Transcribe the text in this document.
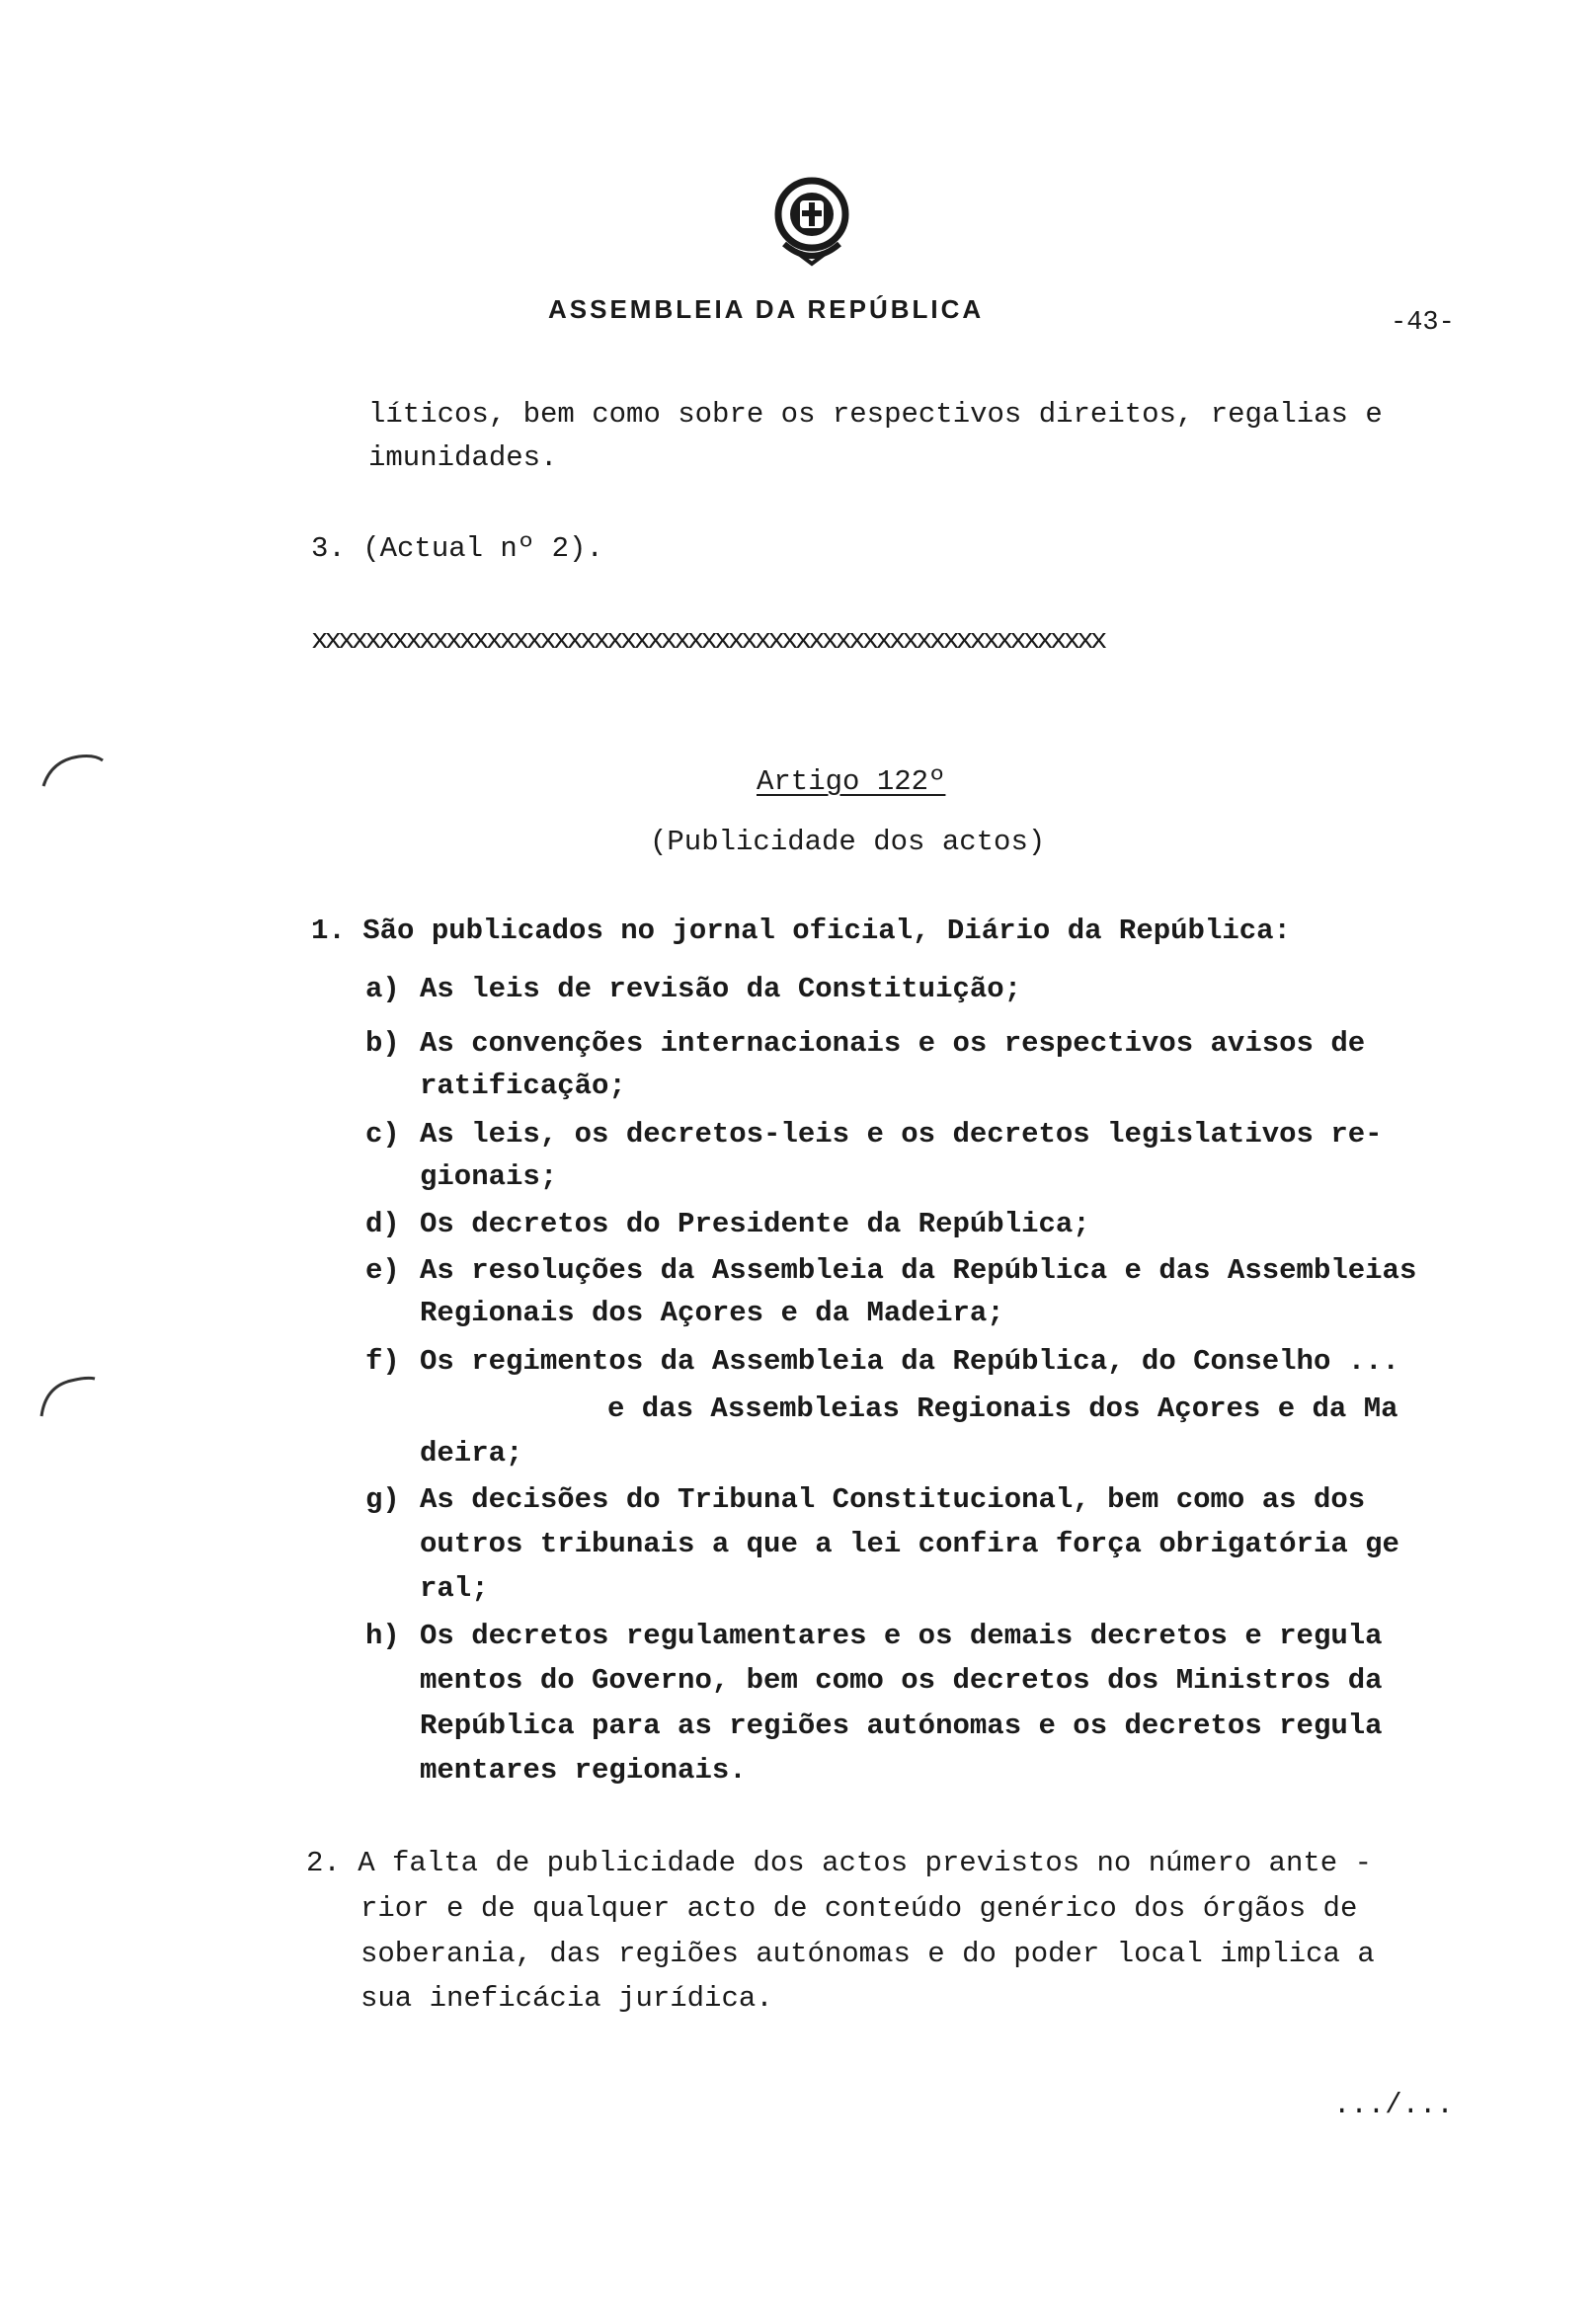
ASSEMBLEIA DA REPÚBLICA	-43-
líticos, bem como sobre os respectivos direitos, regalias e
imunidades.
3. (Actual nº 2).
xxxxxxxxxxxxxxxxxxxxxxxxxxxxxxxxxxxxxxxxxxxxxxxxxxxxxxxxxxx
Artigo 122º
(Publicidade dos actos)
1. São publicados no jornal oficial, Diário da República:
a) As leis de revisão da Constituição;
b) As convenções internacionais e os respectivos avisos de
ratificação;
c) As leis, os decretos-leis e os decretos legislativos re-
gionais;
d) Os decretos do Presidente da República;
e) As resoluções da Assembleia da República e das Assembleias
Regionais dos Açores e da Madeira;
f) Os regimentos da Assembleia da República, do Conselho ...
e das Assembleias Regionais dos Açores e da Ma
deira;
g) As decisões do Tribunal Constitucional, bem como as dos
outros tribunais a que a lei confira força obrigatória ge
ral;
h) Os decretos regulamentares e os demais decretos e regula
mentos do Governo, bem como os decretos dos Ministros da
República para as regiões autónomas e os decretos regula
mentares regionais.
2. A falta de publicidade dos actos previstos no número ante -
rior e de qualquer acto de conteúdo genérico dos órgãos de
soberania, das regiões autónomas e do poder local implica a
sua ineficácia jurídica.
.../...
